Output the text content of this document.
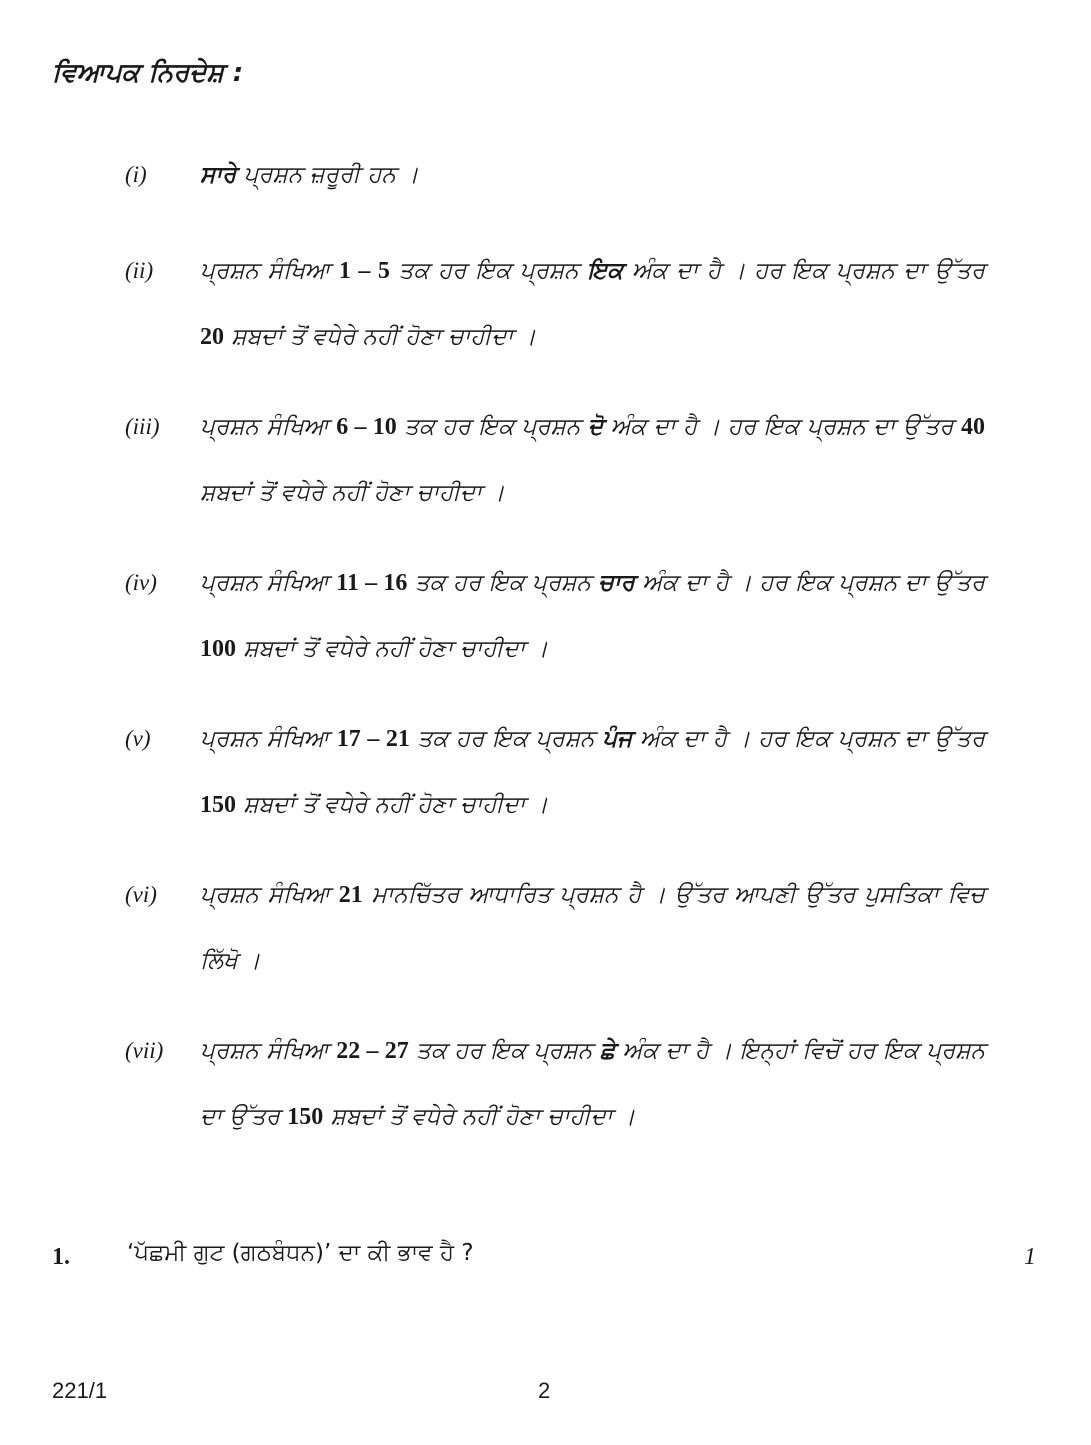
ਵਿਆਪਕ ਨਿਰਦੇਸ਼ :
(i) ਸਾਰੇ ਪ੍ਰਸ਼ਨ ਜ਼ਰੂਰੀ ਹਨ ।
(ii) ਪ੍ਰਸ਼ਨ ਸੰਖਿਆ 1 – 5 ਤਕ ਹਰ ਇਕ ਪ੍ਰਸ਼ਨ ਇਕ ਅੰਕ ਦਾ ਹੈ । ਹਰ ਇਕ ਪ੍ਰਸ਼ਨ ਦਾ ਉੱਤਰ 20 ਸ਼ਬਦਾਂ ਤੋਂ ਵਧੇਰੇ ਨਹੀਂ ਹੋਣਾ ਚਾਹੀਦਾ ।
(iii) ਪ੍ਰਸ਼ਨ ਸੰਖਿਆ 6 – 10 ਤਕ ਹਰ ਇਕ ਪ੍ਰਸ਼ਨ ਦੋ ਅੰਕ ਦਾ ਹੈ । ਹਰ ਇਕ ਪ੍ਰਸ਼ਨ ਦਾ ਉੱਤਰ 40 ਸ਼ਬਦਾਂ ਤੋਂ ਵਧੇਰੇ ਨਹੀਂ ਹੋਣਾ ਚਾਹੀਦਾ ।
(iv) ਪ੍ਰਸ਼ਨ ਸੰਖਿਆ 11 – 16 ਤਕ ਹਰ ਇਕ ਪ੍ਰਸ਼ਨ ਚਾਰ ਅੰਕ ਦਾ ਹੈ । ਹਰ ਇਕ ਪ੍ਰਸ਼ਨ ਦਾ ਉੱਤਰ 100 ਸ਼ਬਦਾਂ ਤੋਂ ਵਧੇਰੇ ਨਹੀਂ ਹੋਣਾ ਚਾਹੀਦਾ ।
(v) ਪ੍ਰਸ਼ਨ ਸੰਖਿਆ 17 – 21 ਤਕ ਹਰ ਇਕ ਪ੍ਰਸ਼ਨ ਪੰਜ ਅੰਕ ਦਾ ਹੈ । ਹਰ ਇਕ ਪ੍ਰਸ਼ਨ ਦਾ ਉੱਤਰ 150 ਸ਼ਬਦਾਂ ਤੋਂ ਵਧੇਰੇ ਨਹੀਂ ਹੋਣਾ ਚਾਹੀਦਾ ।
(vi) ਪ੍ਰਸ਼ਨ ਸੰਖਿਆ 21 ਮਾਨਚਿੱਤਰ ਆਧਾਰਿਤ ਪ੍ਰਸ਼ਨ ਹੈ । ਉੱਤਰ ਆਪਣੀ ਉੱਤਰ ਪੁਸਤਿਕਾ ਵਿਚ ਲਿੱਖੋ ।
(vii) ਪ੍ਰਸ਼ਨ ਸੰਖਿਆ 22 – 27 ਤਕ ਹਰ ਇਕ ਪ੍ਰਸ਼ਨ ਛੇ ਅੰਕ ਦਾ ਹੈ । ਇਨ੍ਹਾਂ ਵਿਚੋਂ ਹਰ ਇਕ ਪ੍ਰਸ਼ਨ ਦਾ ਉੱਤਰ 150 ਸ਼ਬਦਾਂ ਤੋਂ ਵਧੇਰੇ ਨਹੀਂ ਹੋਣਾ ਚਾਹੀਦਾ ।
1. ‘ਪੱਛਮੀ ਗੁਟ (ਗਠਬੰਧਨ)’ ਦਾ ਕੀ ਭਾਵ ਹੈ ?	1
221/1	2
